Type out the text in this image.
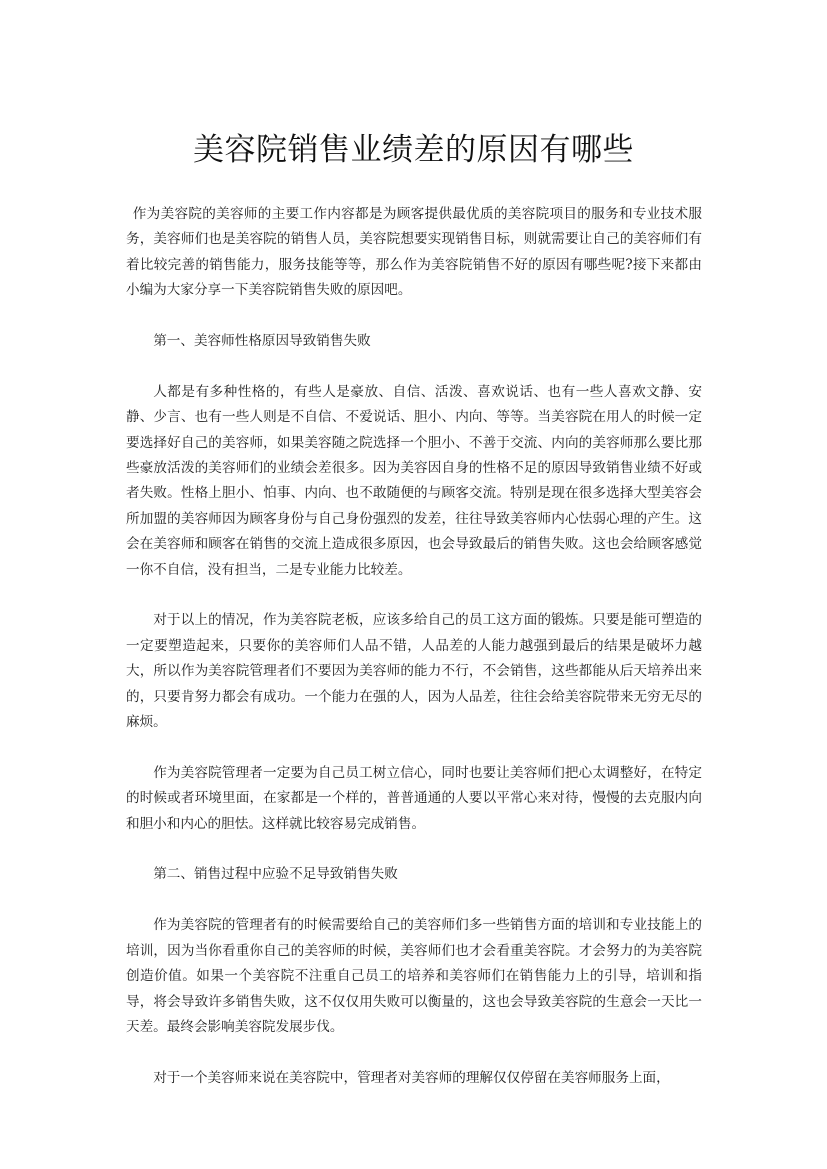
美容院销售业绩差的原因有哪些

作为美容院的美容师的主要工作内容都是为顾客提供最优质的美容院项目的服务和专业技术服务，美容师们也是美容院的销售人员，美容院想要实现销售目标，则就需要让自己的美容师们有着比较完善的销售能力，服务技能等等，那么作为美容院销售不好的原因有哪些呢?接下来都由小编为大家分享一下美容院销售失败的原因吧。

第一、美容师性格原因导致销售失败

人都是有多种性格的，有些人是豪放、自信、活泼、喜欢说话、也有一些人喜欢文静、安静、少言、也有一些人则是不自信、不爱说话、胆小、内向、等等。当美容院在用人的时候一定要选择好自己的美容师，如果美容随之院选择一个胆小、不善于交流、内向的美容师那么要比那些豪放活泼的美容师们的业绩会差很多。因为美容因自身的性格不足的原因导致销售业绩不好或者失败。性格上胆小、怕事、内向、也不敢随便的与顾客交流。特别是现在很多选择大型美容会所加盟的美容师因为顾客身份与自己身份强烈的发差，往往导致美容师内心怯弱心理的产生。这会在美容师和顾客在销售的交流上造成很多原因，也会导致最后的销售失败。这也会给顾客感觉一你不自信，没有担当，二是专业能力比较差。

对于以上的情况，作为美容院老板，应该多给自己的员工这方面的锻炼。只要是能可塑造的一定要塑造起来，只要你的美容师们人品不错，人品差的人能力越强到最后的结果是破坏力越大，所以作为美容院管理者们不要因为美容师的能力不行，不会销售，这些都能从后天培养出来的，只要肯努力都会有成功。一个能力在强的人，因为人品差，往往会给美容院带来无穷无尽的麻烦。

作为美容院管理者一定要为自己员工树立信心，同时也要让美容师们把心太调整好，在特定的时候或者环境里面，在家都是一个样的，普普通通的人要以平常心来对待，慢慢的去克服内向和胆小和内心的胆怯。这样就比较容易完成销售。

第二、销售过程中应验不足导致销售失败

作为美容院的管理者有的时候需要给自己的美容师们多一些销售方面的培训和专业技能上的培训，因为当你看重你自己的美容师的时候，美容师们也才会看重美容院。才会努力的为美容院创造价值。如果一个美容院不注重自己员工的培养和美容师们在销售能力上的引导，培训和指导，将会导致许多销售失败，这不仅仅用失败可以衡量的，这也会导致美容院的生意会一天比一天差。最终会影响美容院发展步伐。

对于一个美容师来说在美容院中，管理者对美容师的理解仅仅停留在美容师服务上面，
